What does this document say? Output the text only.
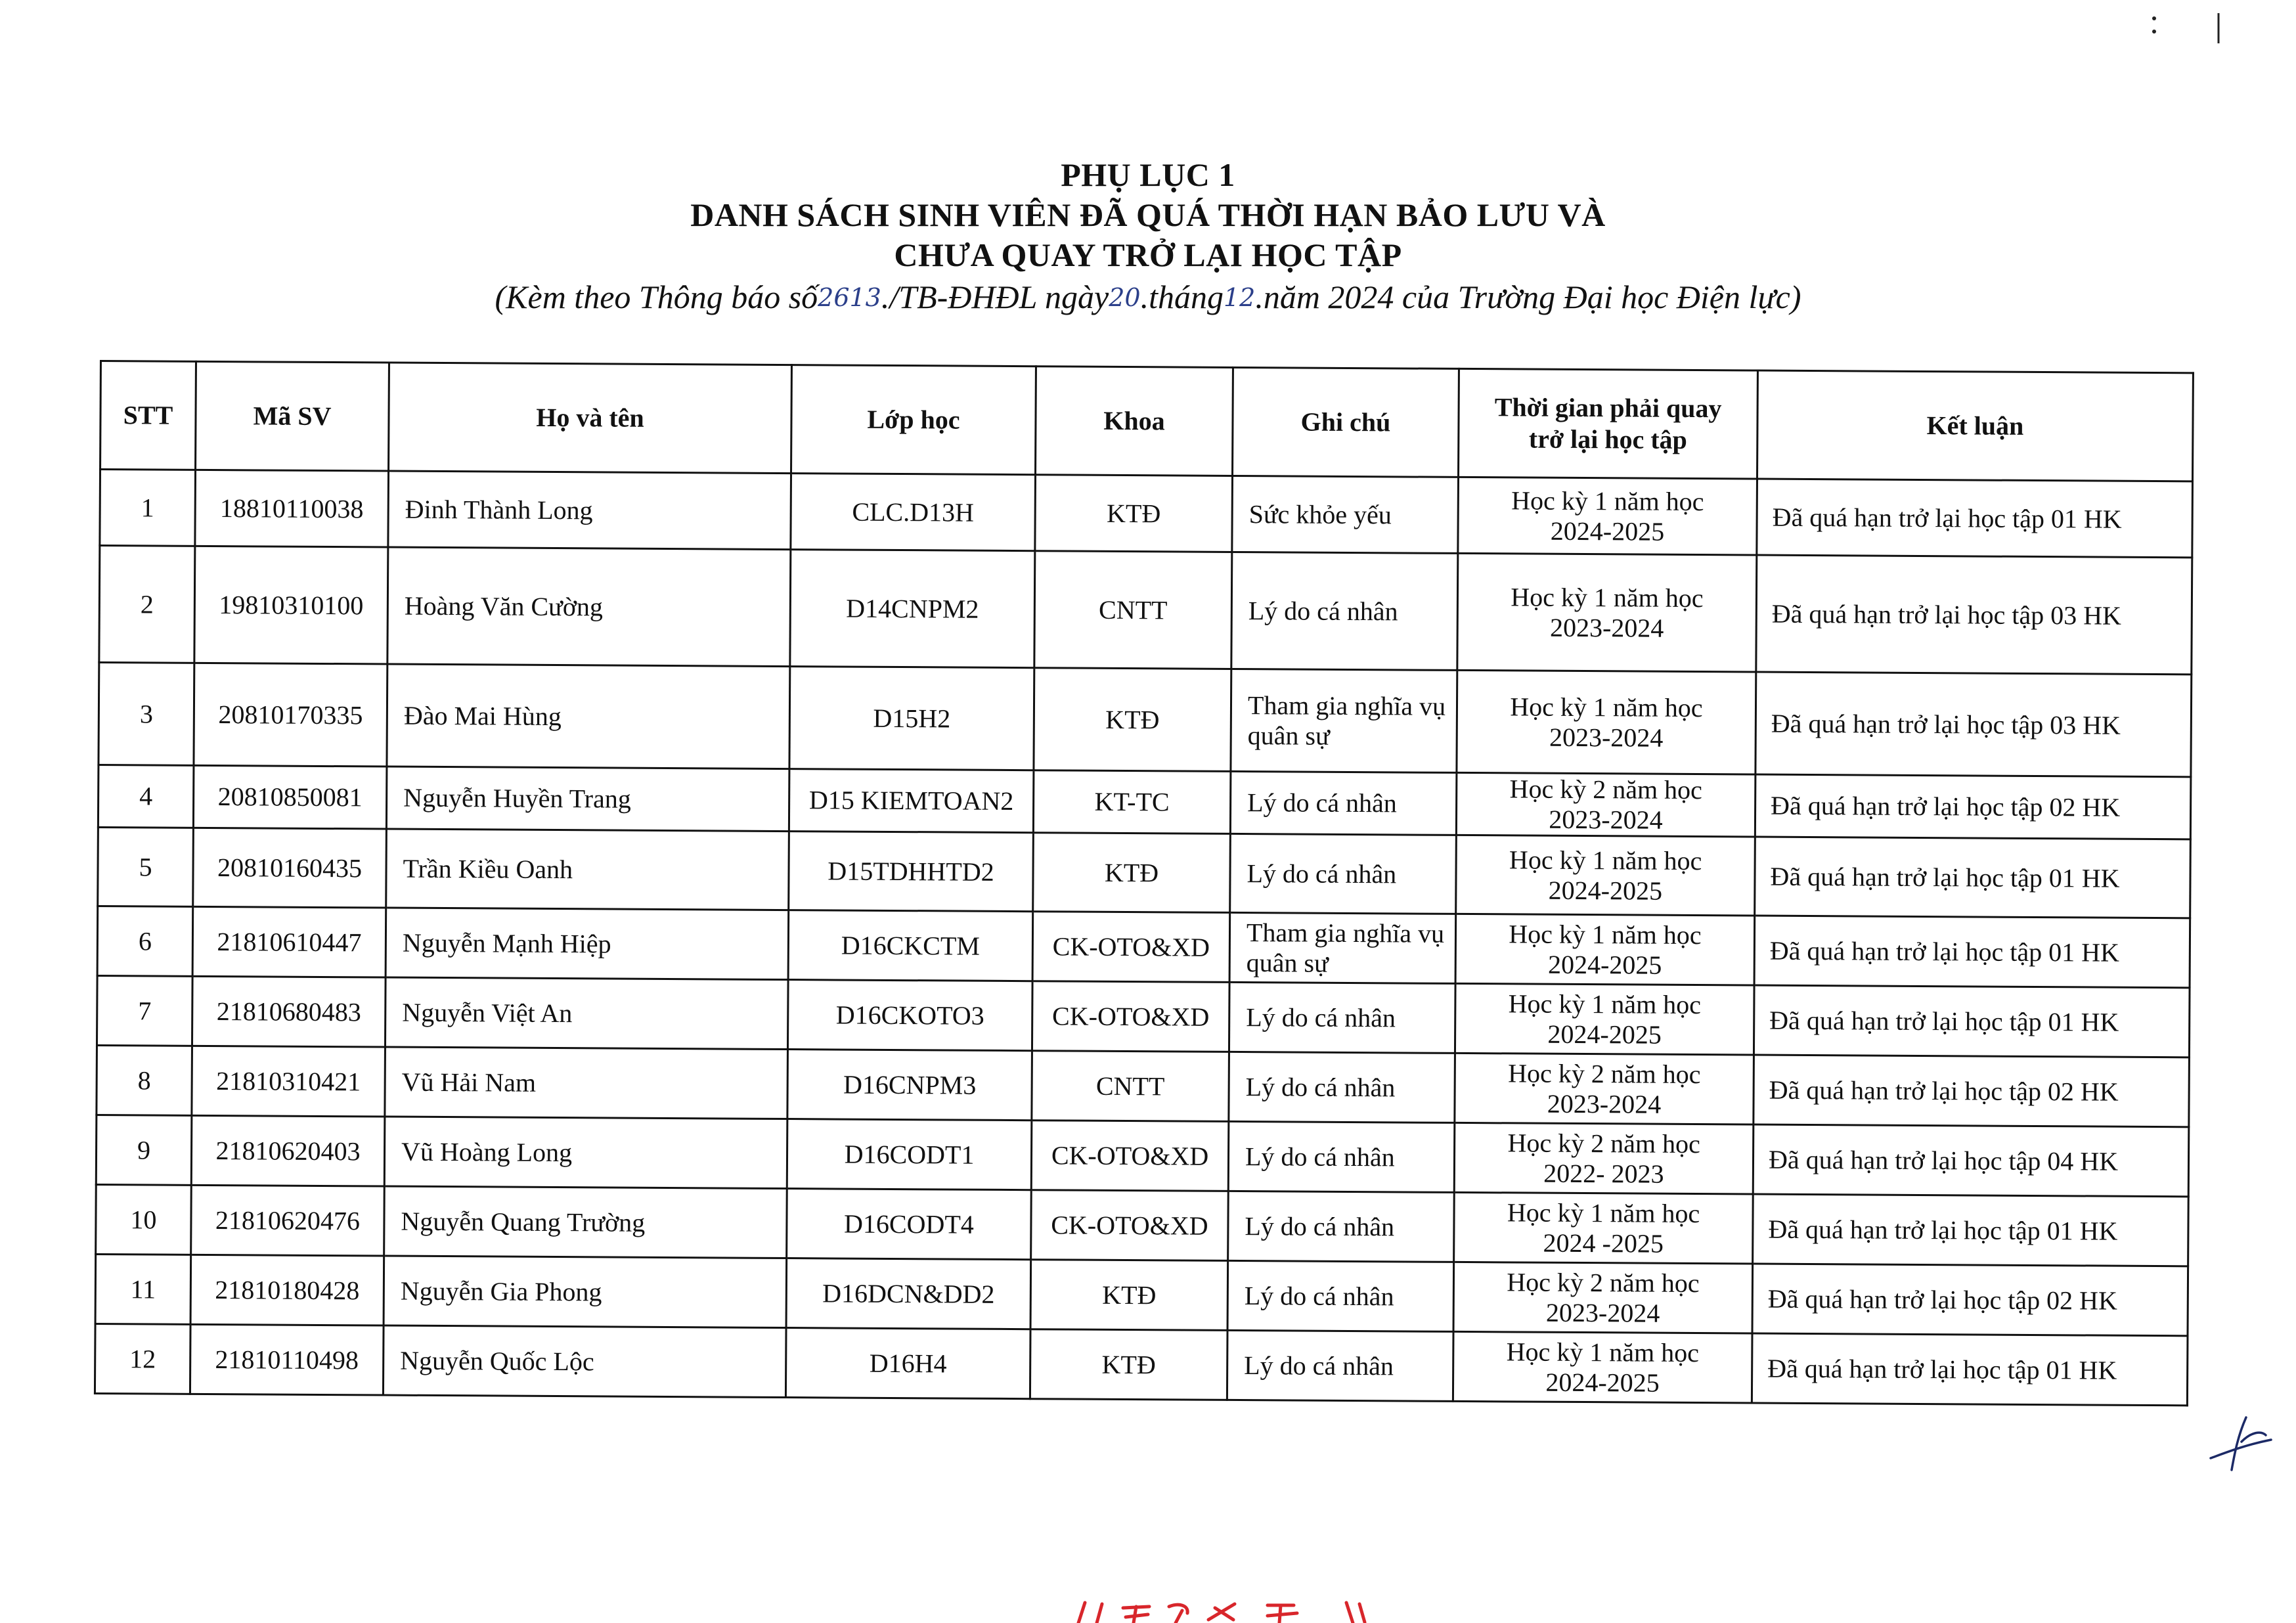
PHỤ LỤC 1
DANH SÁCH SINH VIÊN ĐÃ QUÁ THỜI HẠN BẢO LƯU VÀ
CHƯA QUAY TRỞ LẠI HỌC TẬP
(Kèm theo Thông báo số2613./TB-ĐHĐL ngày20.tháng12.năm 2024 của Trường Đại học Điện lực)
STT	Mã SV	Họ và tên	Lớp học	Khoa	Ghi chú	Thời gian phải quay
trở lại học tập	Kết luận
1	18810110038	Đinh Thành Long	CLC.D13H	KTĐ	Sức khỏe yếu	Học kỳ 1 năm học
2024-2025	Đã quá hạn trở lại học tập 01 HK
2	19810310100	Hoàng Văn Cường	D14CNPM2	CNTT	Lý do cá nhân	Học kỳ 1 năm học
2023-2024	Đã quá hạn trở lại học tập 03 HK
3	20810170335	Đào Mai Hùng	D15H2	KTĐ	Tham gia nghĩa vụ quân sự	Học kỳ 1 năm học
2023-2024	Đã quá hạn trở lại học tập 03 HK
4	20810850081	Nguyễn Huyền Trang	D15 KIEMTOAN2	KT-TC	Lý do cá nhân	Học kỳ 2 năm học
2023-2024	Đã quá hạn trở lại học tập 02 HK
5	20810160435	Trần Kiều Oanh	D15TDHHTD2	KTĐ	Lý do cá nhân	Học kỳ 1 năm học
2024-2025	Đã quá hạn trở lại học tập 01 HK
6	21810610447	Nguyễn Mạnh Hiệp	D16CKCTM	CK-OTO&XD	Tham gia nghĩa vụ quân sự	Học kỳ 1 năm học
2024-2025	Đã quá hạn trở lại học tập 01 HK
7	21810680483	Nguyễn Việt An	D16CKOTO3	CK-OTO&XD	Lý do cá nhân	Học kỳ 1 năm học
2024-2025	Đã quá hạn trở lại học tập 01 HK
8	21810310421	Vũ Hải Nam	D16CNPM3	CNTT	Lý do cá nhân	Học kỳ 2 năm học
2023-2024	Đã quá hạn trở lại học tập 02 HK
9	21810620403	Vũ Hoàng Long	D16CODT1	CK-OTO&XD	Lý do cá nhân	Học kỳ 2 năm học
2022- 2023	Đã quá hạn trở lại học tập 04 HK
10	21810620476	Nguyễn Quang Trường	D16CODT4	CK-OTO&XD	Lý do cá nhân	Học kỳ 1 năm học
2024 -2025	Đã quá hạn trở lại học tập 01 HK
11	21810180428	Nguyễn Gia Phong	D16DCN&DD2	KTĐ	Lý do cá nhân	Học kỳ 2 năm học
2023-2024	Đã quá hạn trở lại học tập 02 HK
12	21810110498	Nguyễn Quốc Lộc	D16H4	KTĐ	Lý do cá nhân	Học kỳ 1 năm học
2024-2025	Đã quá hạn trở lại học tập 01 HK
